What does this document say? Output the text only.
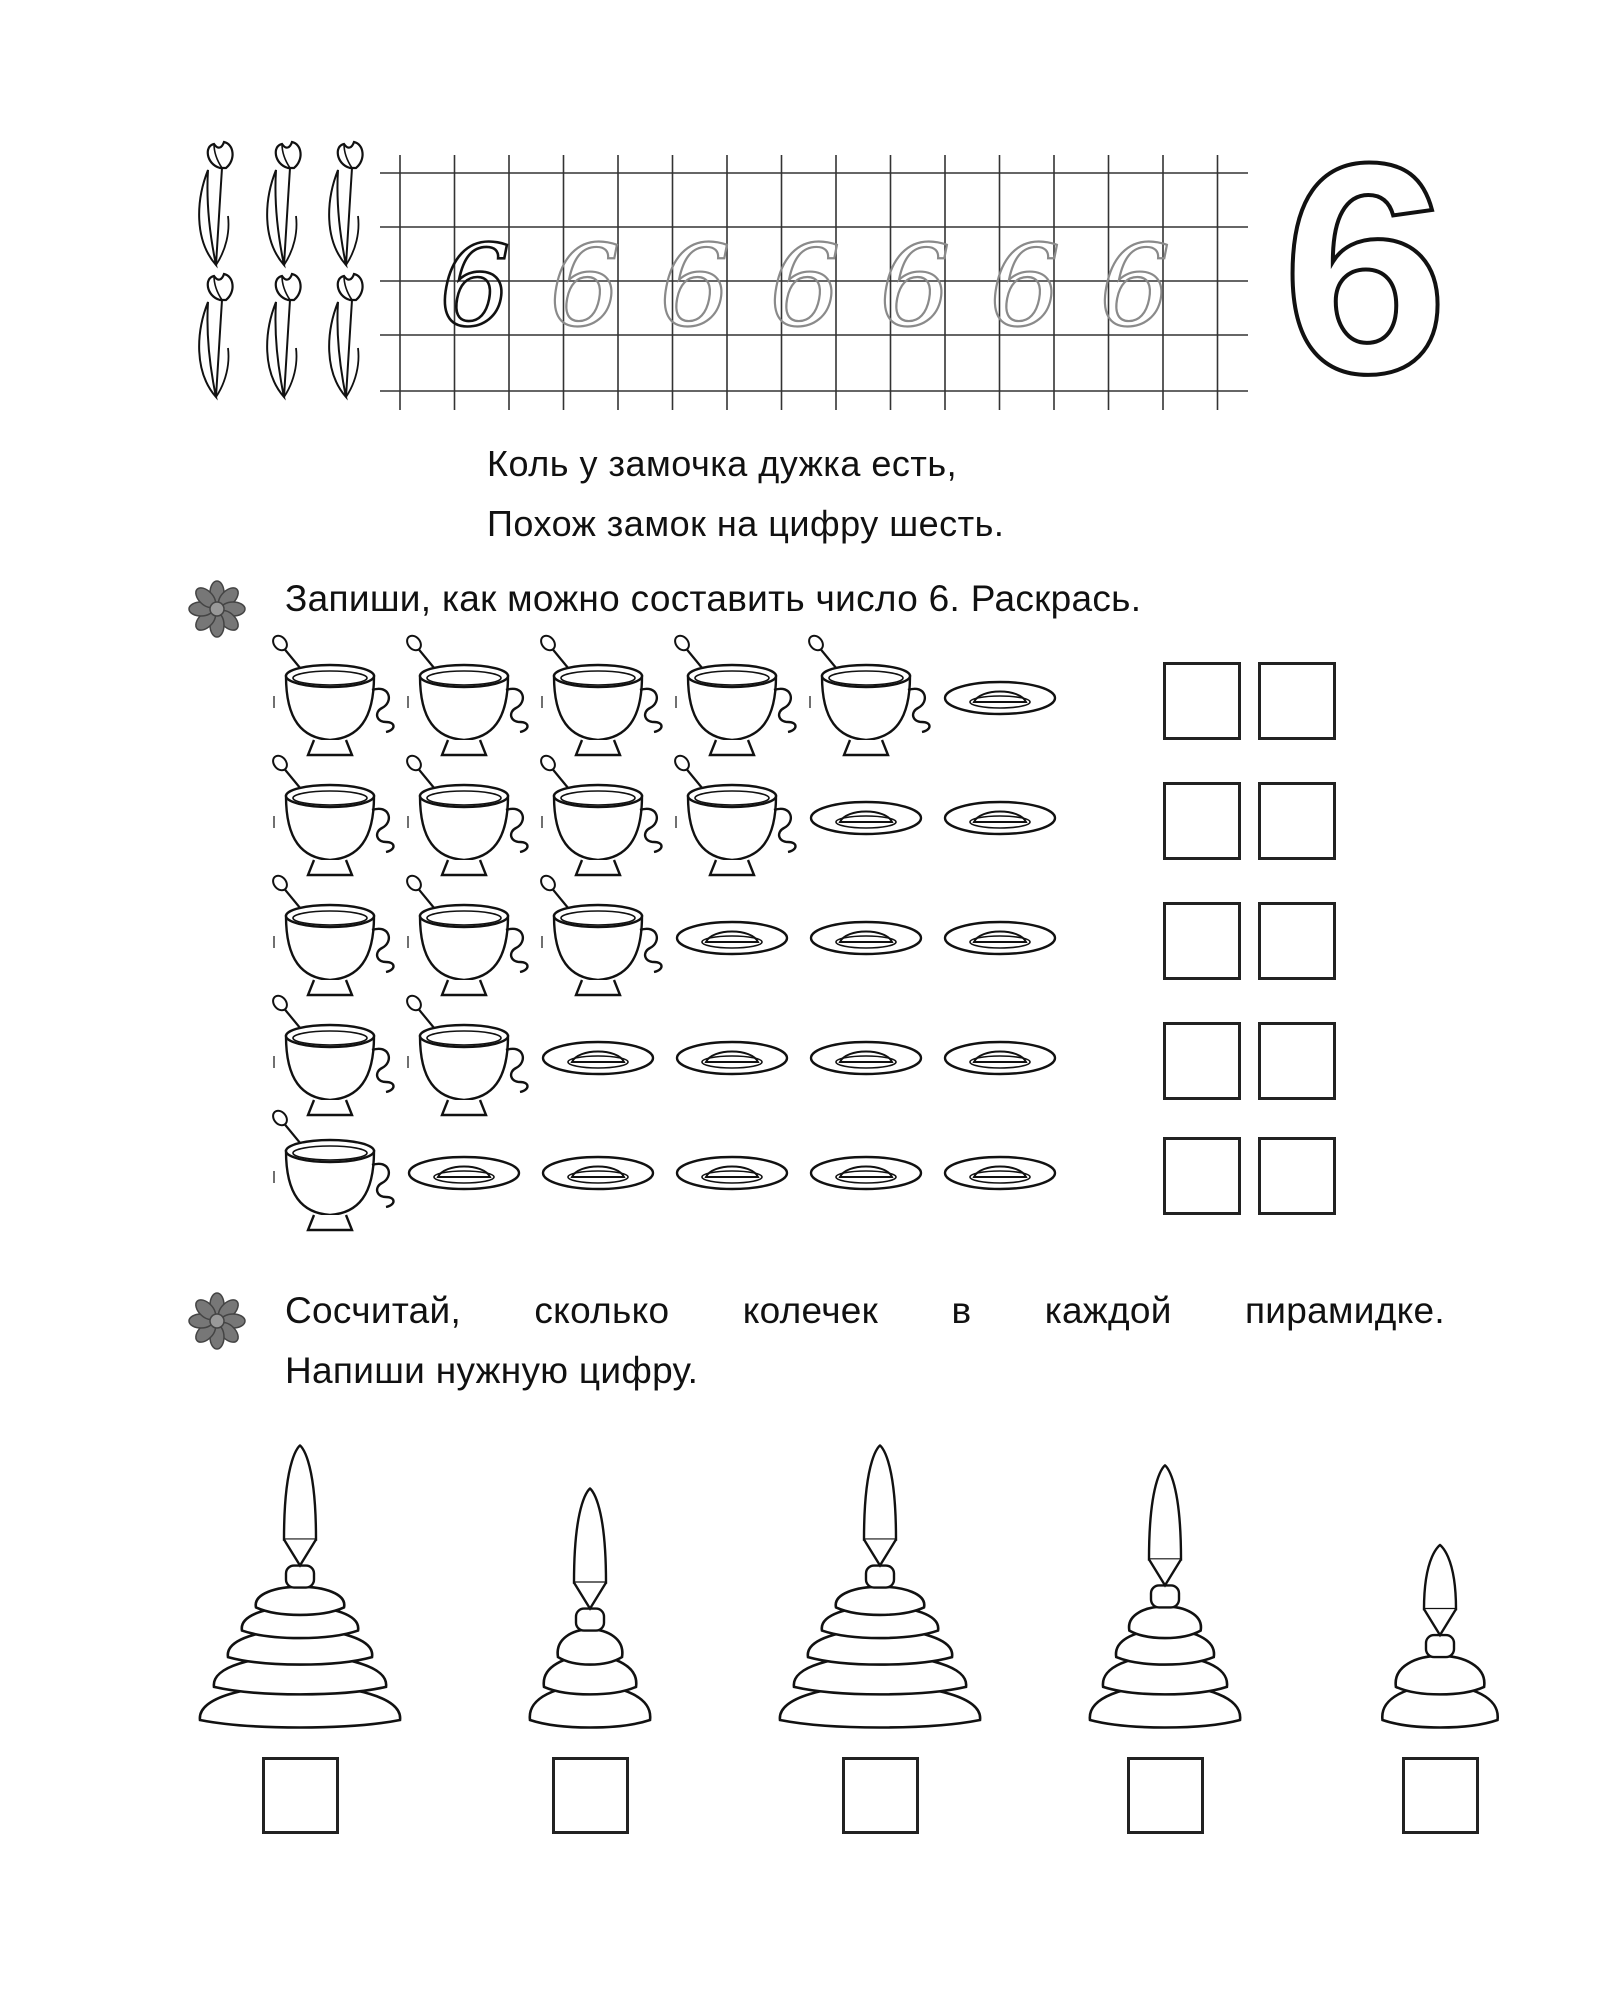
6 6 6 6 6 6 6 6
Коль у замочка дужка есть,
Похож замок на цифру шесть.
Запиши, как можно составить число 6. Раскрась.
Сосчитай, сколько колечек в каждой пирамидке.
Напиши нужную цифру.
